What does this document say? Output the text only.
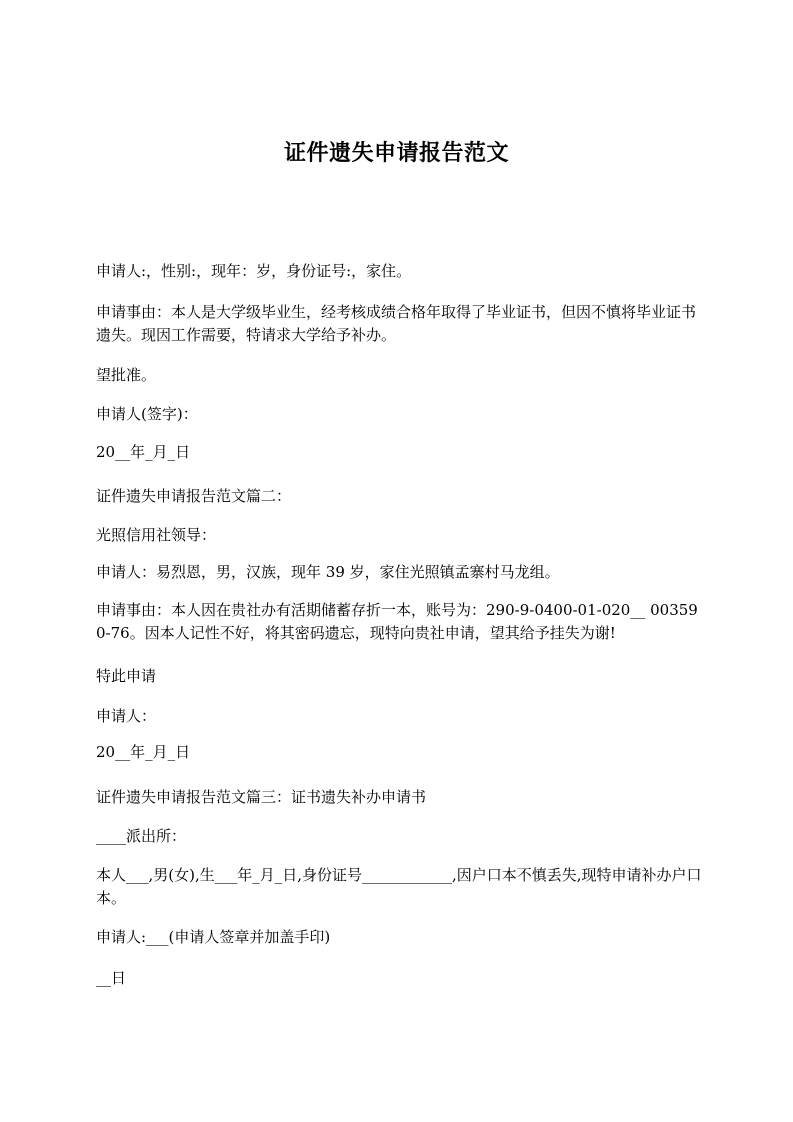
证件遗失申请报告范文

申请人:，性别:，现年：岁，身份证号:，家住。

申请事由：本人是大学级毕业生，经考核成绩合格年取得了毕业证书，但因不慎将毕业证书遗失。现因工作需要，特请求大学给予补办。

望批准。

申请人(签字)：

20__年_月_日

证件遗失申请报告范文篇二：

光照信用社领导：

申请人：易烈恩，男，汉族，现年 39 岁，家住光照镇孟寨村马龙组。

申请事由：本人因在贵社办有活期储蓄存折一本，账号为：290-9-0400-01-020__ 003590-76。因本人记性不好，将其密码遗忘，现特向贵社申请，望其给予挂失为谢!

特此申请

申请人：

20__年_月_日

证件遗失申请报告范文篇三：证书遗失补办申请书

____派出所：

本人___,男(女),生___年_月_日,身份证号____________,因户口本不慎丢失,现特申请补办户口本。

申请人:___(申请人签章并加盖手印)

__日
